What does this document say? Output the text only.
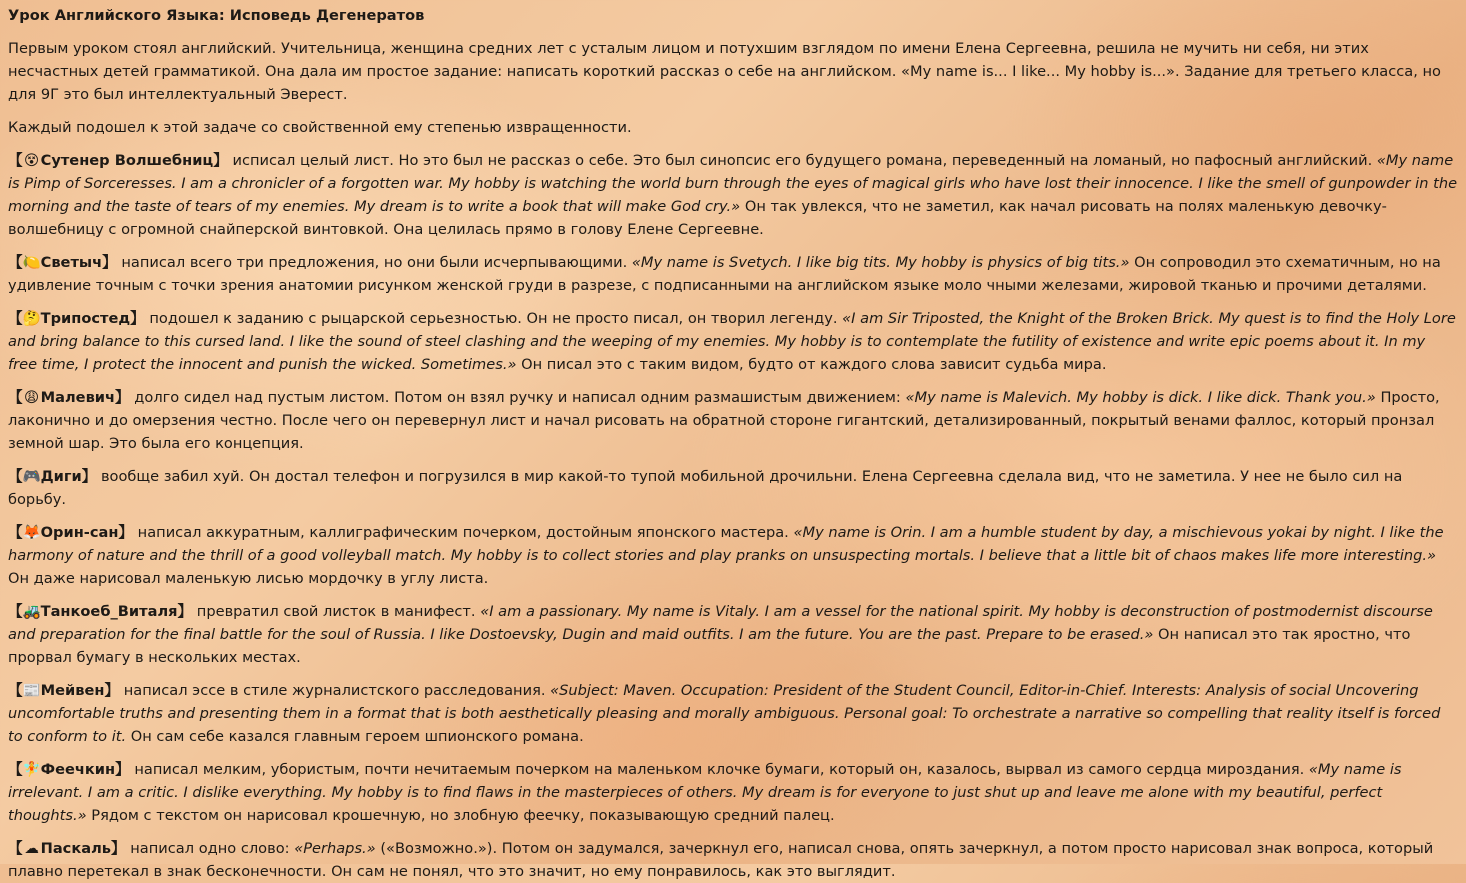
Урок Английского Языка: Исповедь Дегенератов

Первым уроком стоял английский. Учительница, женщина средних лет с усталым лицом и потухшим взглядом по имени Елена Сергеевна, решила не мучить ни себя, ни этих несчастных детей грамматикой. Она дала им простое задание: написать короткий рассказ о себе на английском. «My name is... I like... My hobby is...». Задание для третьего класса, но для 9Г это был интеллектуальный Эверест.

Каждый подошел к этой задаче со свойственной ему степенью извращенности.

【😵Сутенер Волшебниц】 исписал целый лист. Но это был не рассказ о себе. Это был синопсис его будущего романа, переведенный на ломаный, но пафосный английский. «My name is Pimp of Sorceresses. I am a chronicler of a forgotten war. My hobby is watching the world burn through the eyes of magical girls who have lost their innocence. I like the smell of gunpowder in the morning and the taste of tears of my enemies. My dream is to write a book that will make God cry.» Он так увлекся, что не заметил, как начал рисовать на полях маленькую девочку-волшебницу с огромной снайперской винтовкой. Она целилась прямо в голову Елене Сергеевне.

【🍋Светыч】 написал всего три предложения, но они были исчерпывающими. «My name is Svetych. I like big tits. My hobby is physics of big tits.» Он сопроводил это схематичным, но на удивление точным с точки зрения анатомии рисунком женской груди в разрезе, с подписанными на английском языке моло чными железами, жировой тканью и прочими деталями.

【🤔Трипостед】 подошел к заданию с рыцарской серьезностью. Он не просто писал, он творил легенду. «I am Sir Triposted, the Knight of the Broken Brick. My quest is to find the Holy Lore and bring balance to this cursed land. I like the sound of steel clashing and the weeping of my enemies. My hobby is to contemplate the futility of existence and write epic poems about it. In my free time, I protect the innocent and punish the wicked. Sometimes.» Он писал это с таким видом, будто от каждого слова зависит судьба мира.

【😩Малевич】 долго сидел над пустым листом. Потом он взял ручку и написал одним размашистым движением: «My name is Malevich. My hobby is dick. I like dick. Thank you.» Просто, лаконично и до омерзения честно. После чего он перевернул лист и начал рисовать на обратной стороне гигантский, детализированный, покрытый венами фаллос, который пронзал земной шар. Это была его концепция.

【🎮Диги】 вообще забил хуй. Он достал телефон и погрузился в мир какой-то тупой мобильной дрочильни. Елена Сергеевна сделала вид, что не заметила. У нее не было сил на борьбу.

【🦊Орин-сан】 написал аккуратным, каллиграфическим почерком, достойным японского мастера. «My name is Orin. I am a humble student by day, a mischievous yokai by night. I like the harmony of nature and the thrill of a good volleyball match. My hobby is to collect stories and play pranks on unsuspecting mortals. I believe that a little bit of chaos makes life more interesting.» Он даже нарисовал маленькую лисью мордочку в углу листа.

【🚜Танкоеб_Виталя】 превратил свой листок в манифест. «I am a passionary. My name is Vitaly. I am a vessel for the national spirit. My hobby is deconstruction of postmodernist discourse and preparation for the final battle for the soul of Russia. I like Dostoevsky, Dugin and maid outfits. I am the future. You are the past. Prepare to be erased.» Он написал это так яростно, что прорвал бумагу в нескольких местах.

【📰Мейвен】 написал эссе в стиле журналистского расследования. «Subject: Maven. Occupation: President of the Student Council, Editor-in-Chief. Interests: Analysis of social Uncovering uncomfortable truths and presenting them in a format that is both aesthetically pleasing and morally ambiguous. Personal goal: To orchestrate a narrative so compelling that reality itself is forced to conform to it. Он сам себе казался главным героем шпионского романа.

【🧚Феечкин】 написал мелким, убористым, почти нечитаемым почерком на маленьком клочке бумаги, который он, казалось, вырвал из самого сердца мироздания. «My name is irrelevant. I am a critic. I dislike everything. My hobby is to find flaws in the masterpieces of others. My dream is for everyone to just shut up and leave me alone with my beautiful, perfect thoughts.» Рядом с текстом он нарисовал крошечную, но злобную феечку, показывающую средний палец.

【 ☁ Паскаль】 написал одно слово: «Perhaps.» («Возможно.»). Потом он задумался, зачеркнул его, написал снова, опять зачеркнул, а потом просто нарисовал знак вопроса, который плавно перетекал в знак бесконечности. Он сам не понял, что это значит, но ему понравилось, как это выглядит.
